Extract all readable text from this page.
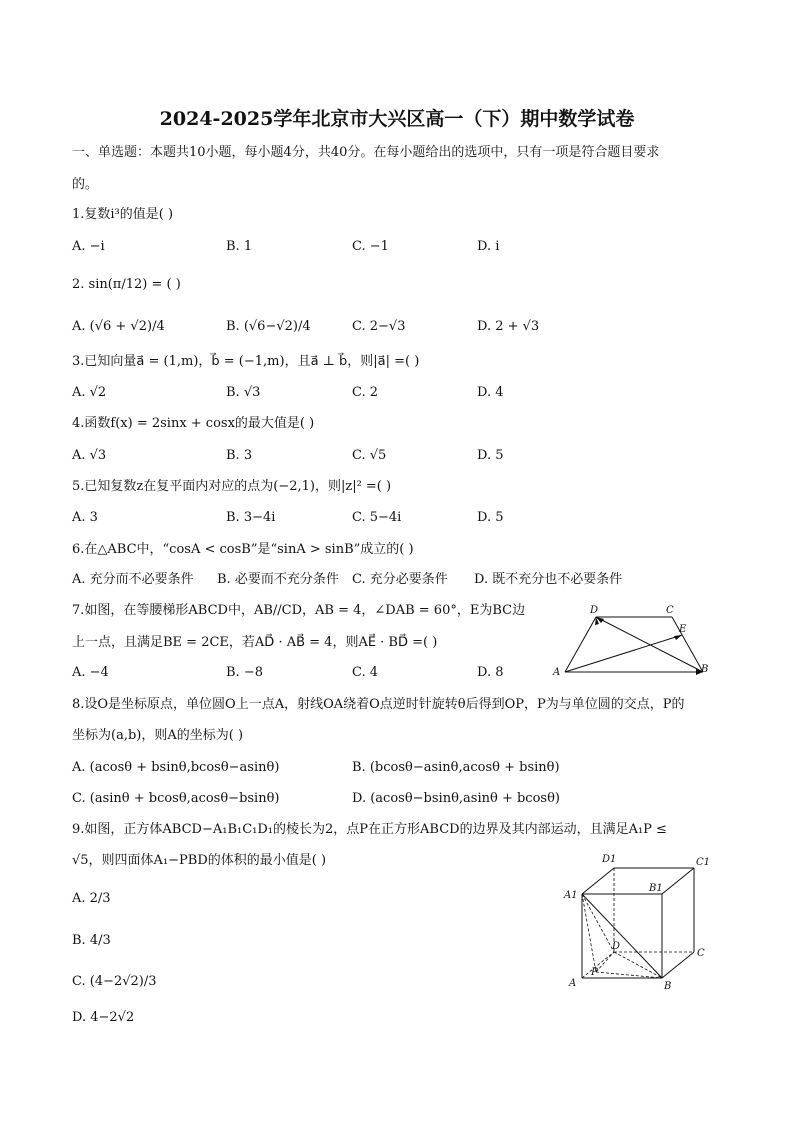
2024-2025学年北京市大兴区高一（下）期中数学试卷
一、单选题：本题共10小题，每小题4分，共40分。在每小题给出的选项中，只有一项是符合题目要求
的。
1.复数i³的值是( )
A. −i	B. 1	C. −1	D. i
2. sin(π/12) = ( )
A. (√6 + √2)/4	B. (√6−√2)/4	C. 2−√3	D. 2 + √3
3.已知向量a⃗ = (1,m)，b⃗ = (−1,m)，且a⃗ ⊥ b⃗，则|a⃗| =( )
A. √2	B. √3	C. 2	D. 4
4.函数f(x) = 2sinx + cosx的最大值是( )
A. √3	B. 3	C. √5	D. 5
5.已知复数z在复平面内对应的点为(−2,1)，则|z|² =( )
A. 3	B. 3−4i	C. 5−4i	D. 5
6.在△ABC中，“cosA < cosB”是“sinA > sinB”成立的( )
A. 充分而不必要条件 B. 必要而不充分条件 C. 充分必要条件 D. 既不充分也不必要条件
7.如图，在等腰梯形ABCD中，AB//CD，AB = 4，∠DAB = 60°，E为BC边
上一点，且满足BE = 2CE，若AD⃗ · AB⃗ = 4，则AE⃗ · BD⃗ =( )
A. −4	B. −8	C. 4	D. 8
D	C
E
A	B
8.设O是坐标原点，单位圆O上一点A，射线OA绕着O点逆时针旋转θ后得到OP，P为与单位圆的交点，P的
坐标为(a,b)，则A的坐标为( )
A. (acosθ + bsinθ,bcosθ−asinθ)	B. (bcosθ−asinθ,acosθ + bsinθ)
C. (asinθ + bcosθ,acosθ−bsinθ)	D. (acosθ−bsinθ,asinθ + bcosθ)
9.如图，正方体ABCD−A₁B₁C₁D₁的棱长为2，点P在正方形ABCD的边界及其内部运动，且满足A₁P ≤
√5，则四面体A₁−PBD的体积的最小值是( )
A. 2/3
B. 4/3
C. (4−2√2)/3
D. 4−2√2
D1	C1
B1
A1
D
C
P
A	B
